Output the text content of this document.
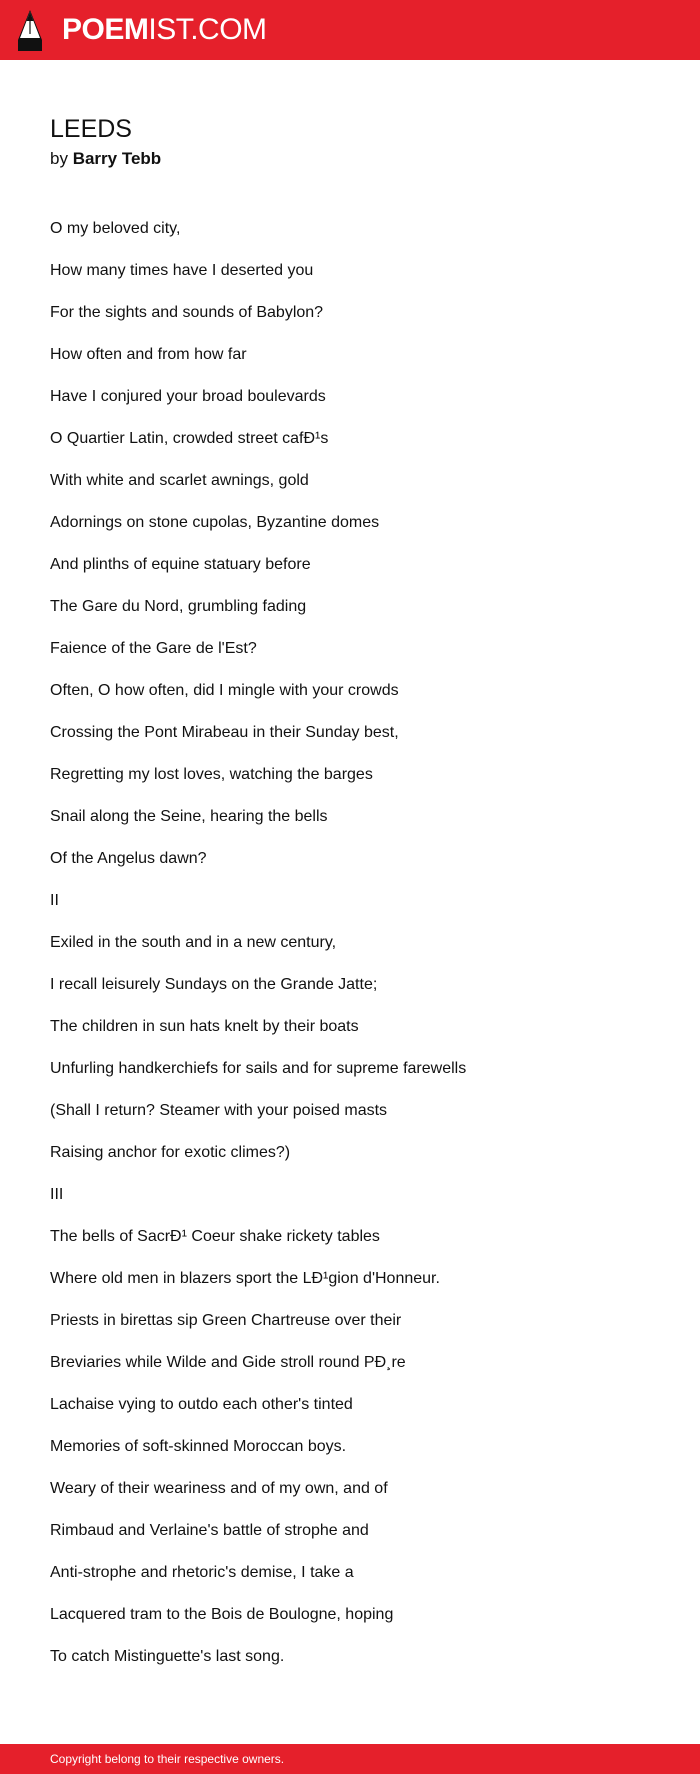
POEMIST.COM
LEEDS
by Barry Tebb
O my beloved city,
How many times have I deserted you
For the sights and sounds of Babylon?
How often and from how far
Have I conjured your broad boulevards
O Quartier Latin, crowded street cafÐ¹s
With white and scarlet awnings, gold
Adornings on stone cupolas, Byzantine domes
And plinths of equine statuary before
The Gare du Nord, grumbling fading
Faience of the Gare de l'Est?
Often, O how often, did I mingle with your crowds
Crossing the Pont Mirabeau in their Sunday best,
Regretting my lost loves, watching the barges
Snail along the Seine, hearing the bells
Of the Angelus dawn?
II
Exiled in the south and in a new century,
I recall leisurely Sundays on the Grande Jatte;
The children in sun hats knelt by their boats
Unfurling handkerchiefs for sails and for supreme farewells
(Shall I return? Steamer with your poised masts
Raising anchor for exotic climes?)
III
The bells of SacrÐ¹ Coeur shake rickety tables
Where old men in blazers sport the LÐ¹gion d'Honneur.
Priests in birettas sip Green Chartreuse over their
Breviaries while Wilde and Gide stroll round PÐ¸re
Lachaise vying to outdo each other's tinted
Memories of soft-skinned Moroccan boys.
Weary of their weariness and of my own, and of
Rimbaud and Verlaine's battle of strophe and
Anti-strophe and rhetoric's demise, I take a
Lacquered tram to the Bois de Boulogne, hoping
To catch Mistinguette's last song.
Copyright belong to their respective owners.
